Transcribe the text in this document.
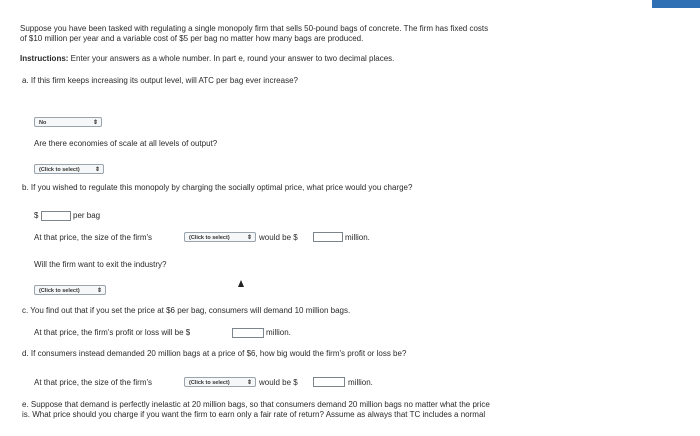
Suppose you have been tasked with regulating a single monopoly firm that sells 50-pound bags of concrete. The firm has fixed costs
of $10 million per year and a variable cost of $5 per bag no matter how many bags are produced.
Instructions: Enter your answers as a whole number. In part e, round your answer to two decimal places.
a. If this firm keeps increasing its output level, will ATC per bag ever increase?
No	⇕
Are there economies of scale at all levels of output?
(Click to select)	⇕
b. If you wished to regulate this monopoly by charging the socially optimal price, what price would you charge?
$	per bag
At that price, the size of the firm's	(Click to select)	⇕ would be $	million.
Will the firm want to exit the industry?
(Click to select)	⇕
c. You find out that if you set the price at $6 per bag, consumers will demand 10 million bags.
At that price, the firm's profit or loss will be $	million.
d. If consumers instead demanded 20 million bags at a price of $6, how big would the firm's profit or loss be?
At that price, the size of the firm's	(Click to select)	⇕ would be $	million.
e. Suppose that demand is perfectly inelastic at 20 million bags, so that consumers demand 20 million bags no matter what the price
is. What price should you charge if you want the firm to earn only a fair rate of return? Assume as always that TC includes a normal
